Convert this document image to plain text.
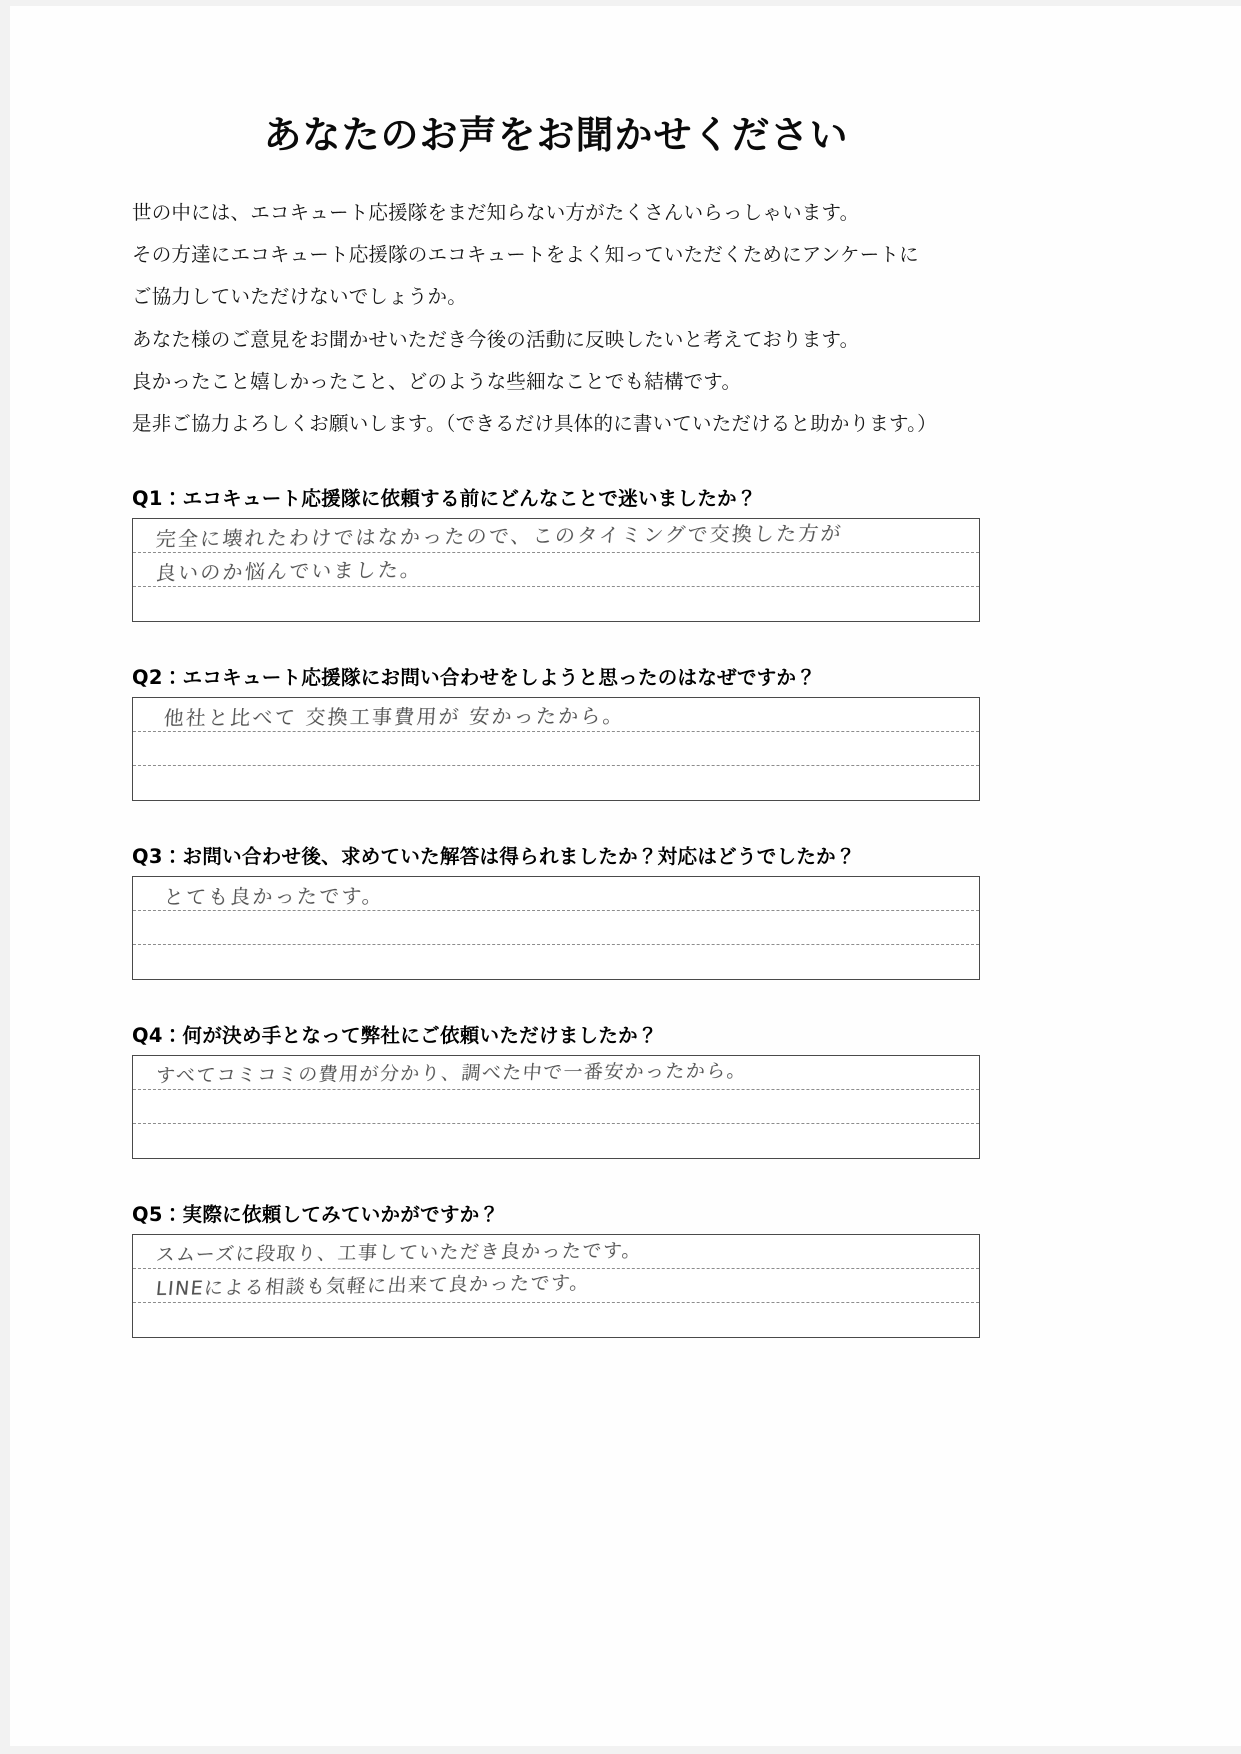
あなたのお声をお聞かせください

世の中には、エコキュート応援隊をまだ知らない方がたくさんいらっしゃいます。

その方達にエコキュート応援隊のエコキュートをよく知っていただくためにアンケートに

ご協力していただけないでしょうか。

あなた様のご意見をお聞かせいただき今後の活動に反映したいと考えております。

良かったこと嬉しかったこと、どのような些細なことでも結構です。

是非ご協力よろしくお願いします。（できるだけ具体的に書いていただけると助かります。）

Q1：エコキュート応援隊に依頼する前にどんなことで迷いましたか？

完全に壊れたわけではなかったので、このタイミングで交換した方が
良いのか悩んでいました。

Q2：エコキュート応援隊にお問い合わせをしようと思ったのはなぜですか？

他社と比べて 交換工事費用が 安かったから。

Q3：お問い合わせ後、求めていた解答は得られましたか？対応はどうでしたか？

とても良かったです。

Q4：何が決め手となって弊社にご依頼いただけましたか？

すべてコミコミの費用が分かり、調べた中で一番安かったから。

Q5：実際に依頼してみていかがですか？

スムーズに段取り、工事していただき良かったです。
LINEによる相談も気軽に出来て良かったです。
